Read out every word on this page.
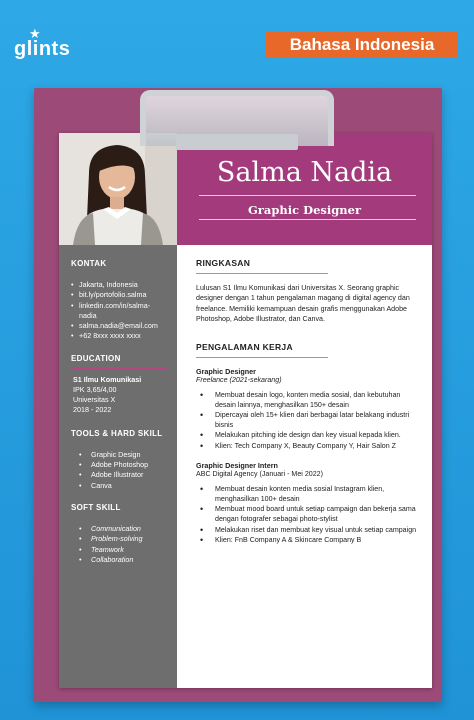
★
glints	Bahasa Indonesia
Salma Nadia
Graphic Designer
KONTAK
• Jakarta, Indonesia
• bit.ly/portofolio.salma
• linkedin.com/in/salma-nadia
• salma.nadia@email.com
• +62 8xxx xxxx xxxx
EDUCATION
S1 Ilmu Komunikasi
IPK 3,65/4,00
Universitas X
2018 - 2022
TOOLS & HARD SKILL
• Graphic Design
• Adobe Photoshop
• Adobe Illustrator
• Canva
SOFT SKILL
• Communication
• Problem-solving
• Teamwork
• Collaboration
RINGKASAN
Lulusan S1 Ilmu Komunikasi dari Universitas X. Seorang graphic designer dengan 1 tahun pengalaman magang di digital agency dan freelance. Memiliki kemampuan desain grafis menggunakan Adobe Photoshop, Adobe Illustrator, dan Canva.
PENGALAMAN KERJA
Graphic Designer
Freelance (2021-sekarang)
• Membuat desain logo, konten media sosial, dan kebutuhan desain lainnya, menghasilkan 150+ desain
• Dipercayai oleh 15+ klien dari berbagai latar belakang industri bisnis
• Melakukan pitching ide design dan key visual kepada klien.
• Klien: Tech Company X, Beauty Company Y, Hair Salon Z
Graphic Designer Intern
ABC Digital Agency (Januari - Mei 2022)
• Membuat desain konten media sosial Instagram klien, menghasilkan 100+ desain
• Membuat mood board untuk setiap campaign dan bekerja sama dengan fotografer sebagai photo-stylist
• Melakukan riset dan membuat key visual untuk setiap campaign
• Klien: FnB Company A & Skincare Company B
